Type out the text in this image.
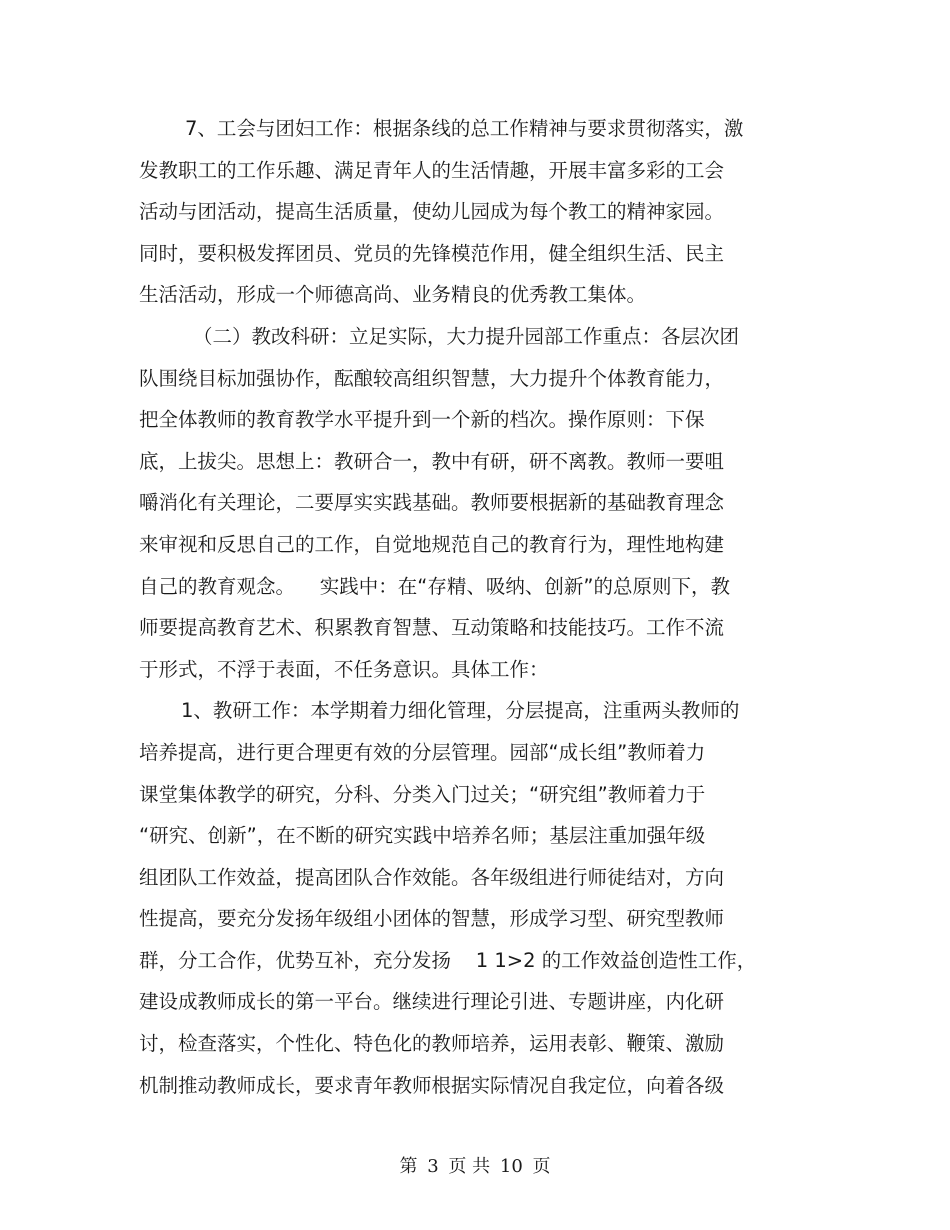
7、工会与团妇工作：根据条线的总工作精神与要求贯彻落实，激
发教职工的工作乐趣、满足青年人的生活情趣，开展丰富多彩的工会
活动与团活动，提高生活质量，使幼儿园成为每个教工的精神家园。
同时，要积极发挥团员、党员的先锋模范作用，健全组织生活、民主
生活活动，形成一个师德高尚、业务精良的优秀教工集体。
（二）教改科研：立足实际，大力提升园部工作重点：各层次团
队围绕目标加强协作，酝酿较高组织智慧，大力提升个体教育能力，
把全体教师的教育教学水平提升到一个新的档次。操作原则：下保
底，上拔尖。思想上：教研合一，教中有研，研不离教。教师一要咀
嚼消化有关理论，二要厚实实践基础。教师要根据新的基础教育理念
来审视和反思自己的工作，自觉地规范自己的教育行为，理性地构建
自己的教育观念。    实践中：在“存精、吸纳、创新”的总原则下，教
师要提高教育艺术、积累教育智慧、互动策略和技能技巧。工作不流
于形式，不浮于表面，不任务意识。具体工作：
1、教研工作：本学期着力细化管理，分层提高，注重两头教师的
培养提高，进行更合理更有效的分层管理。园部“成长组”教师着力
课堂集体教学的研究，分科、分类入门过关；“研究组”教师着力于
“研究、创新”，在不断的研究实践中培养名师；基层注重加强年级
组团队工作效益，提高团队合作效能。各年级组进行师徒结对，方向
性提高，要充分发扬年级组小团体的智慧，形成学习型、研究型教师
群，分工合作，优势互补，充分发扬    1 1>2 的工作效益创造性工作，
建设成教师成长的第一平台。继续进行理论引进、专题讲座，内化研
讨，检查落实，个性化、特色化的教师培养，运用表彰、鞭策、激励
机制推动教师成长，要求青年教师根据实际情况自我定位，向着各级
第 3 页 共 10 页
